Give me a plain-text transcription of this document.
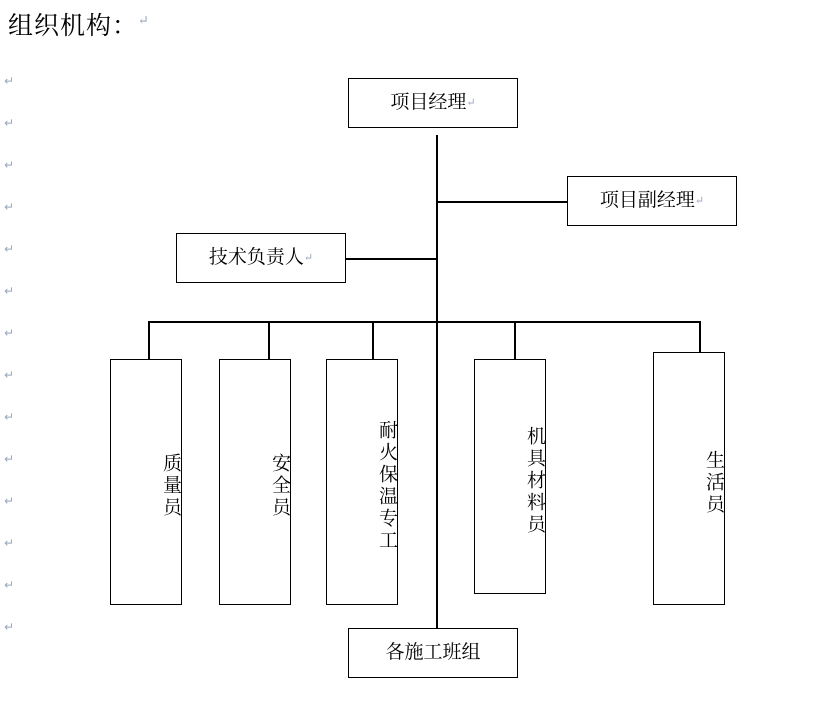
组织机构：↵
↵
↵
↵
↵
↵
↵
↵
↵
↵
↵
↵
↵
↵
↵
项目经理 ↵
项目副经理 ↵
技术负责人 ↵
质量员	安全员	耐火保温专工	机具材料员	生活员
各施工班组
